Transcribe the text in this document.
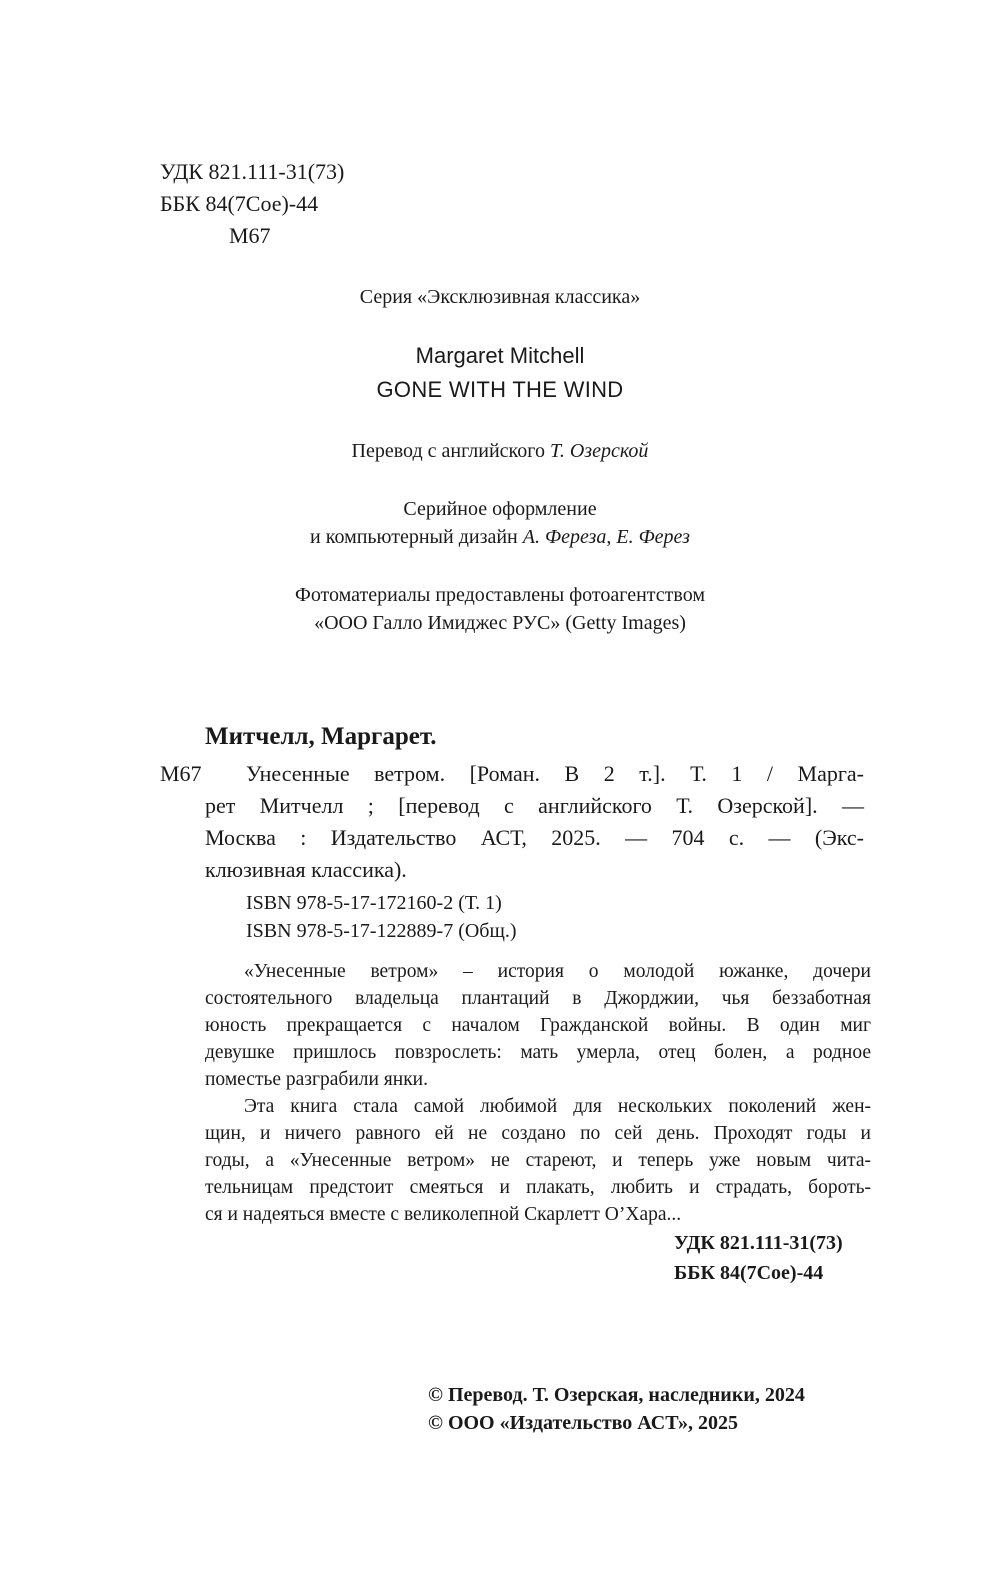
УДК 821.111-31(73)
ББК 84(7Сое)-44
М67
Серия «Эксклюзивная классика»
Margaret Mitchell
GONE WITH THE WIND
Перевод с английского Т. Озерской
Серийное оформление
и компьютерный дизайн А. Фереза, Е. Ферез
Фотоматериалы предоставлены фотоагентством
«ООО Галло Имиджес РУС» (Getty Images)
Митчелл, Маргарет.
М67 Унесенные ветром. [Роман. В 2 т.]. Т. 1 / Марга-
рет Митчелл ; [перевод с английского Т. Озерской]. —
Москва : Издательство АСТ, 2025. — 704 с. — (Экс-
клюзивная классика).
ISBN 978-5-17-172160-2 (Т. 1)
ISBN 978-5-17-122889-7 (Общ.)
«Унесенные ветром» – история о молодой южанке, дочери
состоятельного владельца плантаций в Джорджии, чья беззаботная
юность прекращается с началом Гражданской войны. В один миг
девушке пришлось повзрослеть: мать умерла, отец болен, а родное
поместье разграбили янки.
Эта книга стала самой любимой для нескольких поколений жен-
щин, и ничего равного ей не создано по сей день. Проходят годы и
годы, а «Унесенные ветром» не стареют, и теперь уже новым чита-
тельницам предстоит смеяться и плакать, любить и страдать, бороть-
ся и надеяться вместе с великолепной Скарлетт О’Хара...
УДК 821.111-31(73)
ББК 84(7Сое)-44
© Перевод. Т. Озерская, наследники, 2024
© ООО «Издательство АСТ», 2025
